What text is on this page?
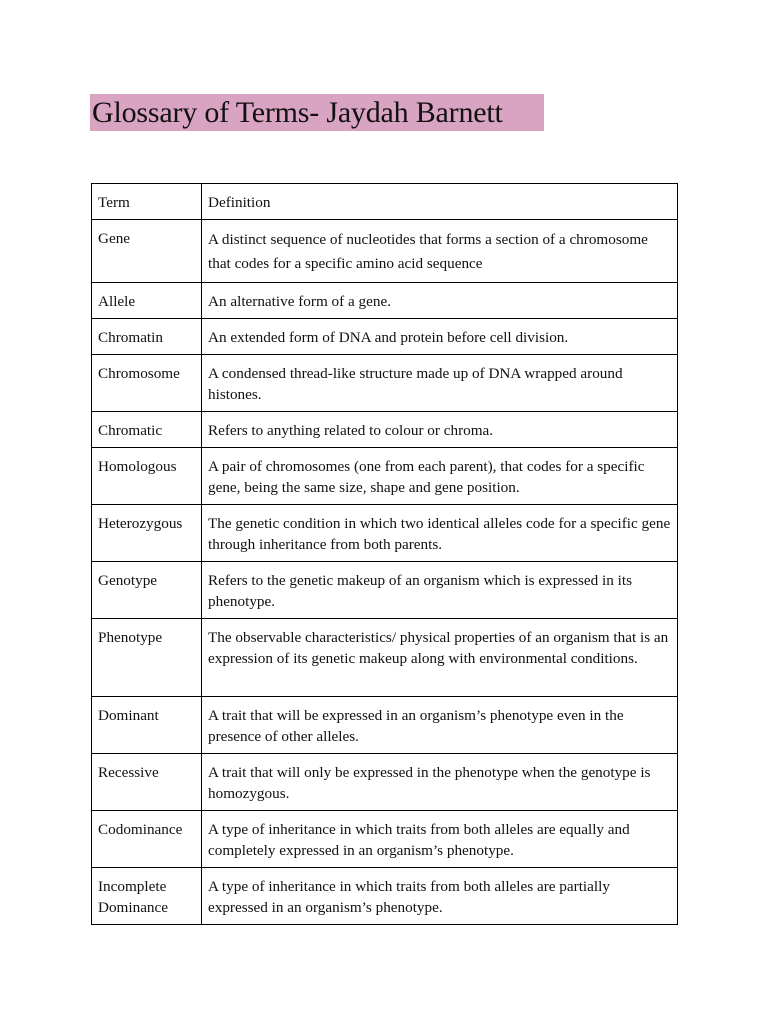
Glossary of Terms- Jaydah Barnett
Term	Definition
Gene	A distinct sequence of nucleotides that forms a section of a chromosome that codes for a specific amino acid sequence
Allele	An alternative form of a gene.
Chromatin	An extended form of DNA and protein before cell division.
Chromosome	A condensed thread-like structure made up of DNA wrapped around histones.
Chromatic	Refers to anything related to colour or chroma.
Homologous	A pair of chromosomes (one from each parent), that codes for a specific gene, being the same size, shape and gene position.
Heterozygous	The genetic condition in which two identical alleles code for a specific gene through inheritance from both parents.
Genotype	Refers to the genetic makeup of an organism which is expressed in its phenotype.
Phenotype	The observable characteristics/ physical properties of an organism that is an expression of its genetic makeup along with environmental conditions.
Dominant	A trait that will be expressed in an organism’s phenotype even in the presence of other alleles.
Recessive	A trait that will only be expressed in the phenotype when the genotype is homozygous.
Codominance	A type of inheritance in which traits from both alleles are equally and completely expressed in an organism’s phenotype.
Incomplete Dominance	A type of inheritance in which traits from both alleles are partially expressed in an organism’s phenotype.
